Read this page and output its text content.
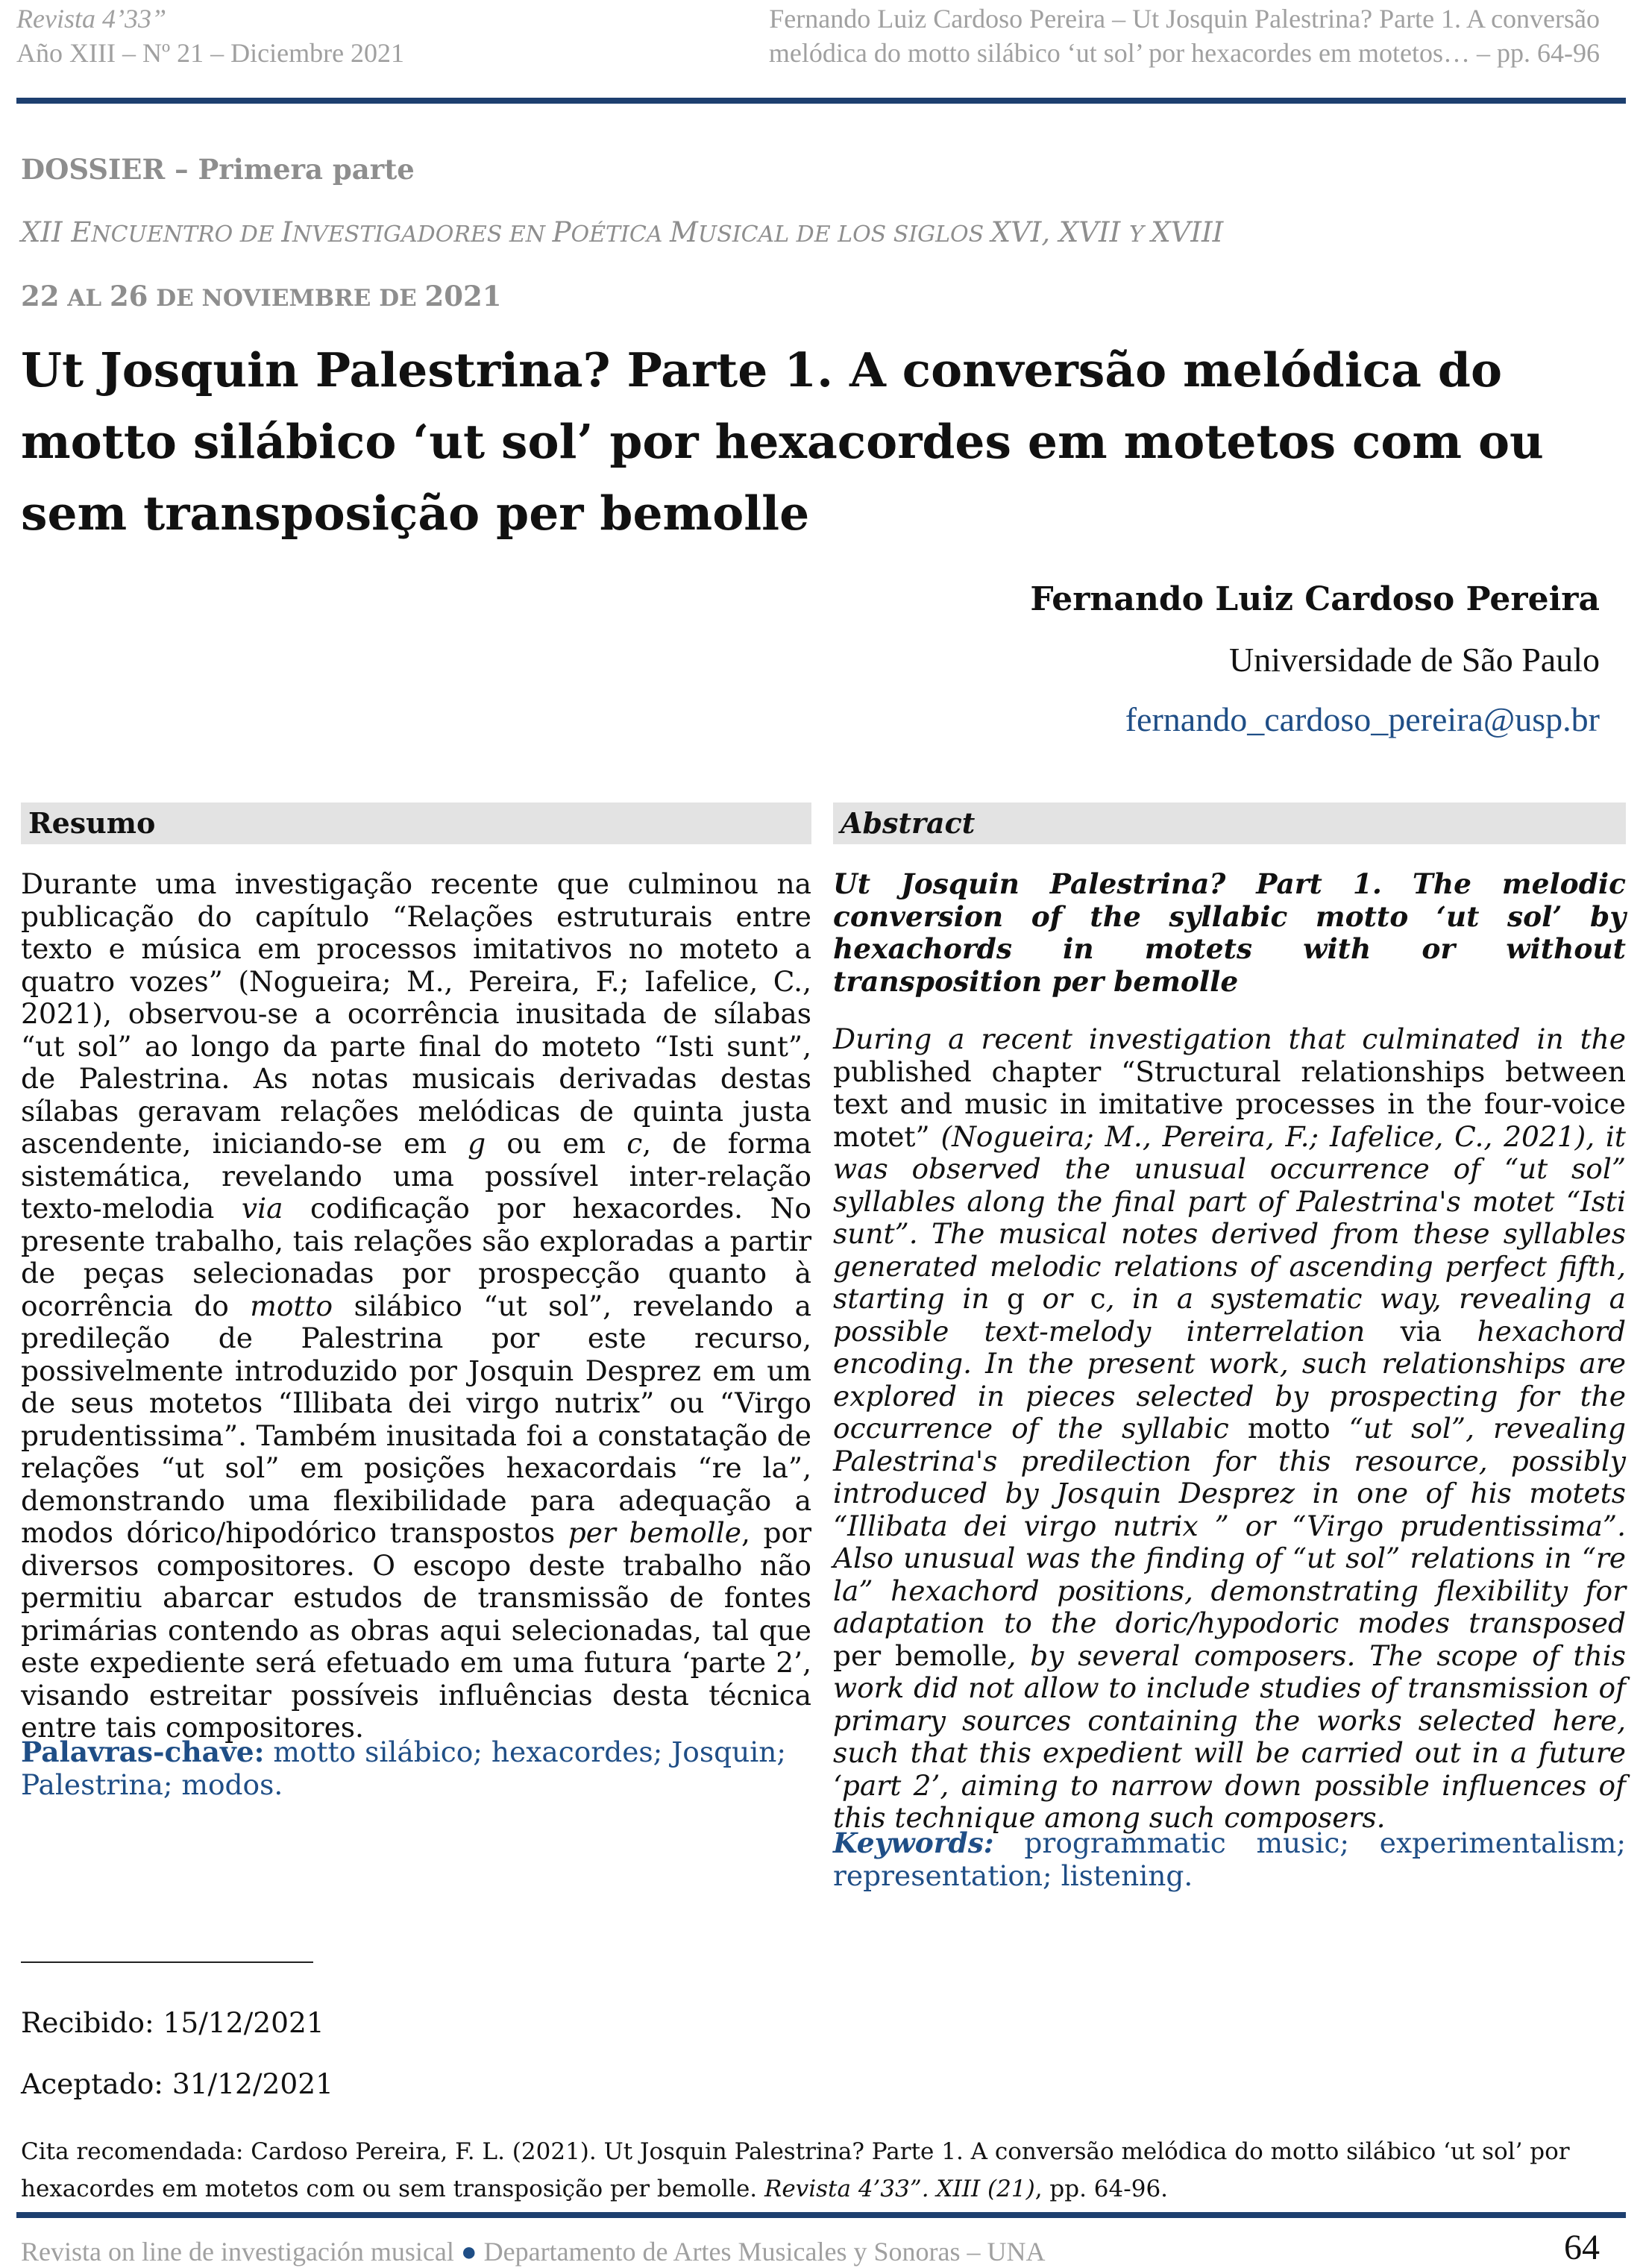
Revista 4’33”
Año XIII – Nº 21 – Diciembre 2021
Fernando Luiz Cardoso Pereira – Ut Josquin Palestrina? Parte 1. A conversão
melódica do motto silábico ‘ut sol’ por hexacordes em motetos… – pp. 64-96
DOSSIER – Primera parte
XII ENCUENTRO DE INVESTIGADORES EN POÉTICA MUSICAL DE LOS SIGLOS XVI, XVII Y XVIII
22 AL 26 DE NOVIEMBRE DE 2021
Ut Josquin Palestrina? Parte 1. A conversão melódica do motto silábico ‘ut sol’ por hexacordes em motetos com ou sem transposição per bemolle
Fernando Luiz Cardoso Pereira
Universidade de São Paulo
fernando_cardoso_pereira@usp.br
Resumo
Durante uma investigação recente que culminou na publicação do capítulo “Relações estruturais entre texto e música em processos imitativos no moteto a quatro vozes” (Nogueira; M., Pereira, F.; Iafelice, C., 2021), observou-se a ocorrência inusitada de sílabas “ut sol” ao longo da parte final do moteto “Isti sunt”, de Palestrina. As notas musicais derivadas destas sílabas geravam relações melódicas de quinta justa ascendente, iniciando-se em g ou em c, de forma sistemática, revelando uma possível inter-relação texto-melodia via codificação por hexacordes. No presente trabalho, tais relações são exploradas a partir de peças selecionadas por prospecção quanto à ocorrência do motto silábico “ut sol”, revelando a predileção de Palestrina por este recurso, possivelmente introduzido por Josquin Desprez em um de seus motetos “Illibata dei virgo nutrix” ou “Virgo prudentissima”. Também inusitada foi a constatação de relações “ut sol” em posições hexacordais “re la”, demonstrando uma flexibilidade para adequação a modos dórico/hipodórico transpostos per bemolle, por diversos compositores. O escopo deste trabalho não permitiu abarcar estudos de transmissão de fontes primárias contendo as obras aqui selecionadas, tal que este expediente será efetuado em uma futura ‘parte 2’, visando estreitar possíveis influências desta técnica entre tais compositores.
Palavras-chave: motto silábico; hexacordes; Josquin; Palestrina; modos.
Abstract
Ut Josquin Palestrina? Part 1. The melodic conversion of the syllabic motto ‘ut sol’ by hexachords in motets with or without transposition per bemolle
During a recent investigation that culminated in the published chapter “Structural relationships between text and music in imitative processes in the four-voice motet” (Nogueira; M., Pereira, F.; Iafelice, C., 2021), it was observed the unusual occurrence of “ut sol” syllables along the final part of Palestrina's motet “Isti sunt”. The musical notes derived from these syllables generated melodic relations of ascending perfect fifth, starting in g or c, in a systematic way, revealing a possible text-melody interrelation via hexachord encoding. In the present work, such relationships are explored in pieces selected by prospecting for the occurrence of the syllabic motto “ut sol”, revealing Palestrina's predilection for this resource, possibly introduced by Josquin Desprez in one of his motets “Illibata dei virgo nutrix ” or “Virgo prudentissima”. Also unusual was the finding of “ut sol” relations in “re la” hexachord positions, demonstrating flexibility for adaptation to the doric/hypodoric modes transposed per bemolle, by several composers. The scope of this work did not allow to include studies of transmission of primary sources containing the works selected here, such that this expedient will be carried out in a future ‘part 2’, aiming to narrow down possible influences of this technique among such composers.
Keywords: programmatic music; experimentalism; representation; listening.
Recibido: 15/12/2021
Aceptado: 31/12/2021
Cita recomendada: Cardoso Pereira, F. L. (2021). Ut Josquin Palestrina? Parte 1. A conversão melódica do motto silábico ‘ut sol’ por hexacordes em motetos com ou sem transposição per bemolle. Revista 4’33”. XIII (21), pp. 64-96.
Revista on line de investigación musical ● Departamento de Artes Musicales y Sonoras – UNA	64
